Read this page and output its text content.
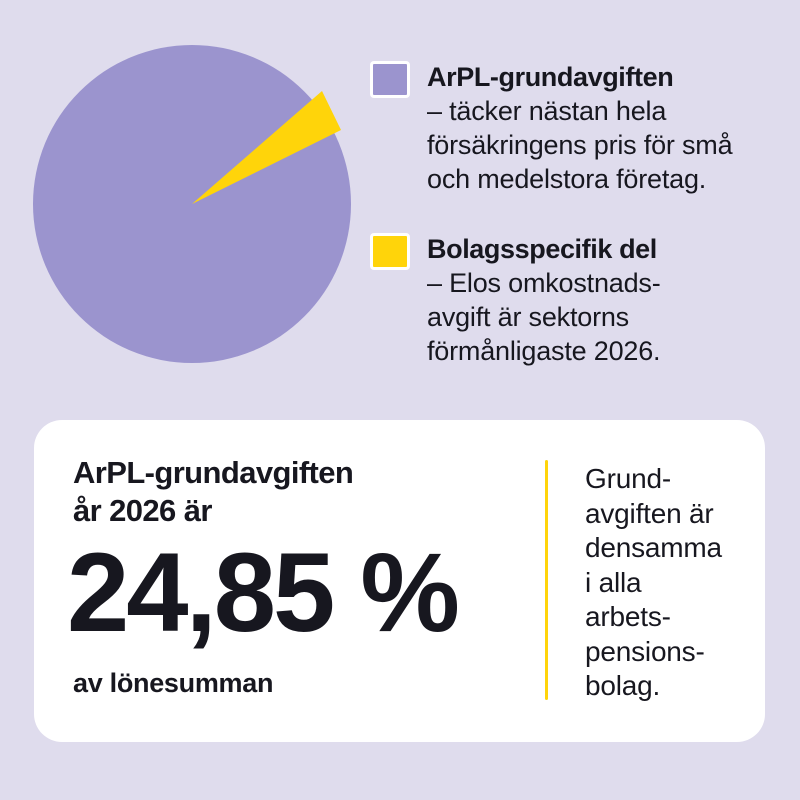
ArPL-grundavgiften
– täcker nästan hela
försäkringens pris för små
och medelstora företag.
Bolagsspecifik del
– Elos omkostnads-
avgift är sektorns
förmånligaste 2026.
ArPL-grundavgiften
år 2026 är
24,85 %
av lönesumman
Grund-
avgiften är
densamma
i alla
arbets-
pensions-
bolag.
